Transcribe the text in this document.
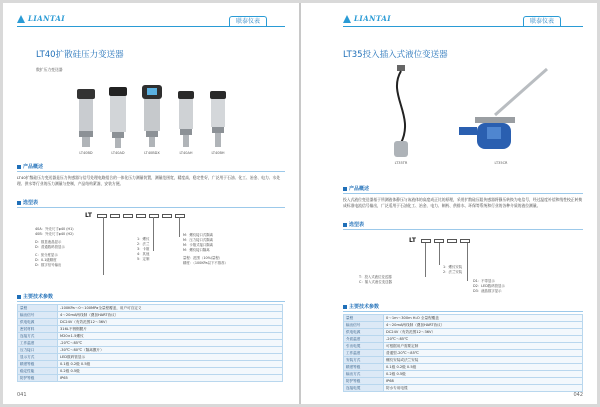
LIANTAI	联泰仪表
LT40扩散硅压力变送器
数扩压力变送器
LT40BD	LT40AD	LT40BDX	LT40AH	LT40BH
产品概述
LT40扩散硅压力变送器是压力传感器与信号处理电路组合的一体化压力测量装置，测量范围宽，精度高，稳定性好，广泛用于石油、化工、冶金、电力、水处理、供水等行业的压力测量与控制，产品结构紧凑，安装方便。
选型表
LT
40A：外壳尺寸φ40 (H1)
40B：外壳尺寸φ40 (H2)
D：数显液晶显示
D：普通数码管显示
C：宽分度显示
D：0.1级精度
D：数字信号输出
1：螺纹
2：法兰
3：卡箍
4：其他
5：定制
M：螺纹接口式隔离
M：压力接口式隔离
M：卡箍式接口隔离
M：螺纹接口隔离
量程：范围（10%/量程）
精度：（100KPa以下不推荐）
主要技术参数
量程	-100KPa～0～100MPa全量程覆盖，用户可自定义
输出信号	4～20mA两线制（叠加HART协议）
供电电源	DC24V（有效范围12～36V）
密封材料	316L不锈钢膜片
连接方式	M20×1.5螺纹
工作温度	-20℃～85℃
压力接口	-30℃～80℃（隔离膜片）
显示方式	LED数码管显示
精度等级	0.1级 0.2级 0.5级
稳定性能	0.2级 0.5级
防护等级	IP65
041
LIANTAI	联泰仪表
LT35投入插入式液位变送器
LT35TR	LT35CR
产品概述
投入式液位变送器基于所测液体静压与该液体的高度成正比的原理，采用扩散硅压阻传感器将静压转换为电信号，经过温度补偿和线性校正转换成标准电流信号输出，广泛适用于石油化工、冶金、电力、制药、供排水、环保等系统和行业的各种介质的液位测量。
选型表
LT
T：投入式液位变送器
C：插入式液位变送器
1：螺纹安装
2：法兰安装
D1：不带显示
D2：LED数码管显示
D3：液晶数字显示
主要技术参数
量程	0～1m～300m H₂O 全量程覆盖
输出信号	4～20mA两线制（叠加HART协议）
供电电源	DC24V（有效范围12～36V）
介质温度	-20℃～85℃
引出电缆	可根据用户需要定制
工作温度	普通型-20℃～85℃
安装方式	螺纹安装或法兰安装
精度等级	0.1级 0.2级 0.5级
输出方式	0.2级 0.5级
防护等级	IP68
连接电缆	防水专用电缆
042
